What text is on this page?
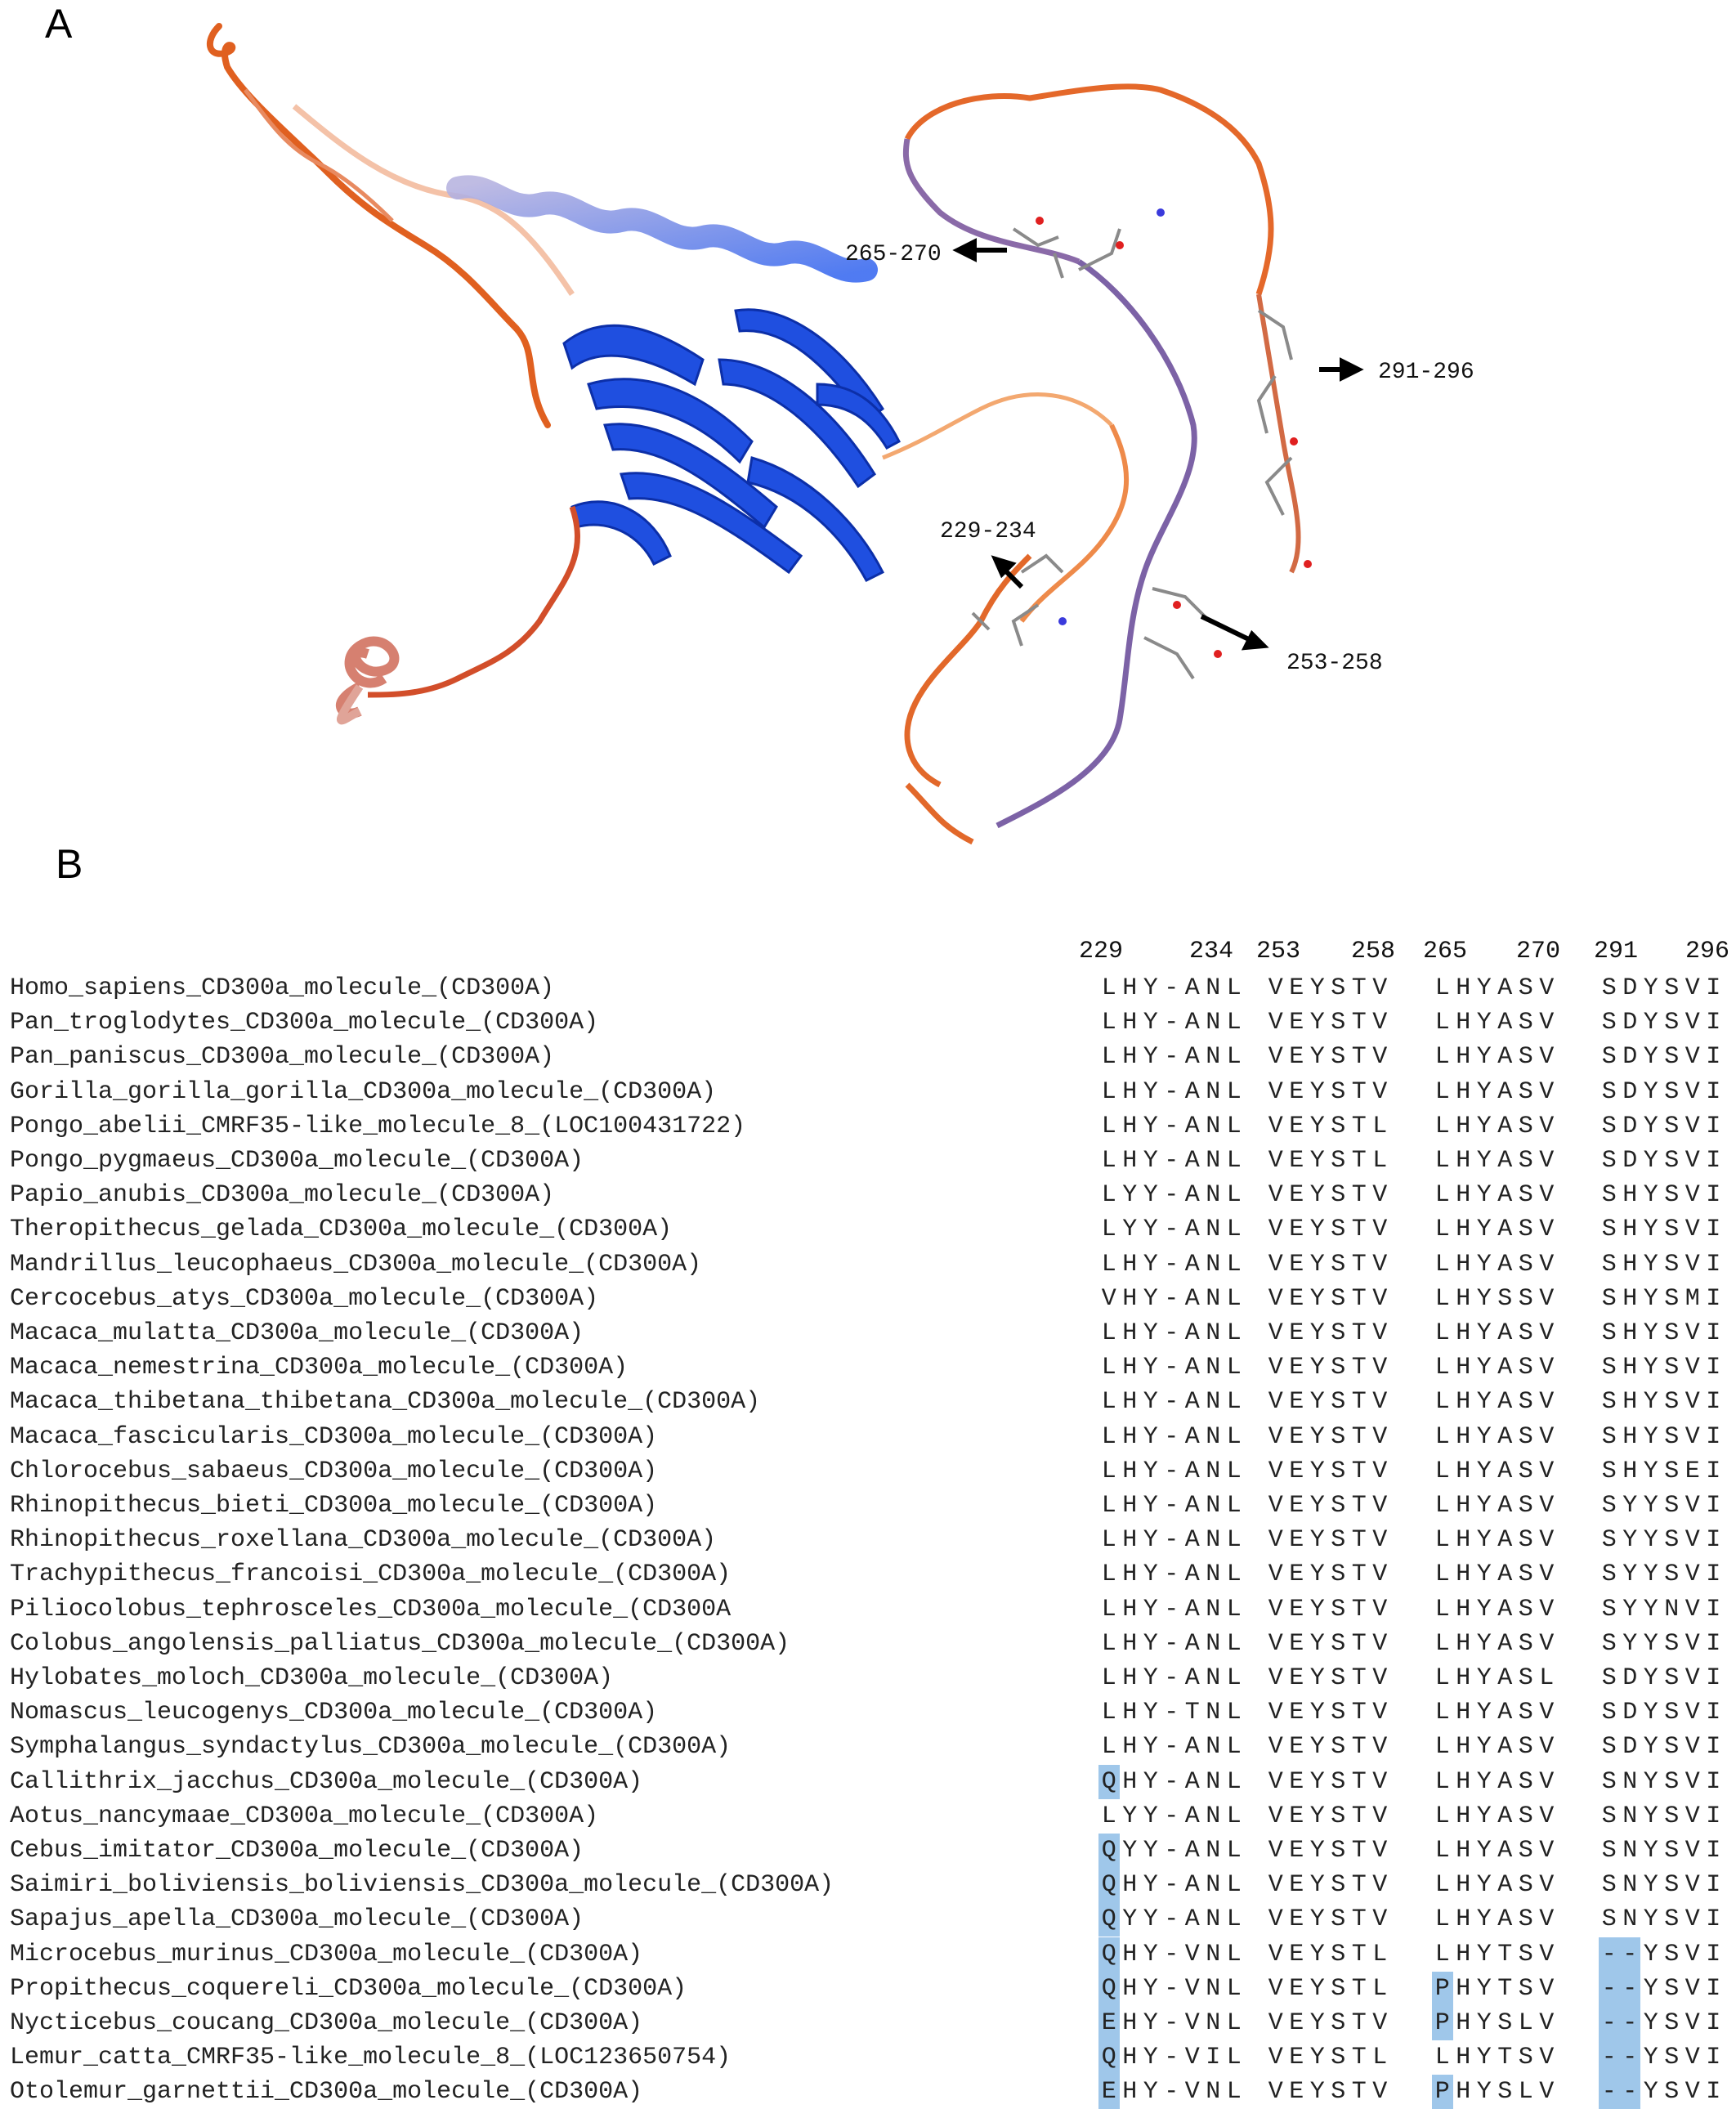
A
B
265-270
291-296
229-234
253-258
229	234 253 258 265 270 291 296
Homo_sapiens_CD300a_molecule_(CD300A)	L H Y - A N L V E Y S T V L H Y A S V S D Y S V I
Pan_troglodytes_CD300a_molecule_(CD300A)	L H Y - A N L V E Y S T V L H Y A S V S D Y S V I
Pan_paniscus_CD300a_molecule_(CD300A)	L H Y - A N L V E Y S T V L H Y A S V S D Y S V I
Gorilla_gorilla_gorilla_CD300a_molecule_(CD300A)	L H Y - A N L V E Y S T V L H Y A S V S D Y S V I
Pongo_abelii_CMRF35-like_molecule_8_(LOC100431722)	L H Y - A N L V E Y S T L L H Y A S V S D Y S V I
Pongo_pygmaeus_CD300a_molecule_(CD300A)	L H Y - A N L V E Y S T L L H Y A S V S D Y S V I
Papio_anubis_CD300a_molecule_(CD300A)	L Y Y - A N L V E Y S T V L H Y A S V S H Y S V I
Theropithecus_gelada_CD300a_molecule_(CD300A)	L Y Y - A N L V E Y S T V L H Y A S V S H Y S V I
Mandrillus_leucophaeus_CD300a_molecule_(CD300A)	L H Y - A N L V E Y S T V L H Y A S V S H Y S V I
Cercocebus_atys_CD300a_molecule_(CD300A)	V H Y - A N L V E Y S T V L H Y S S V S H Y S M I
Macaca_mulatta_CD300a_molecule_(CD300A)	L H Y - A N L V E Y S T V L H Y A S V S H Y S V I
Macaca_nemestrina_CD300a_molecule_(CD300A)	L H Y - A N L V E Y S T V L H Y A S V S H Y S V I
Macaca_thibetana_thibetana_CD300a_molecule_(CD300A)	L H Y - A N L V E Y S T V L H Y A S V S H Y S V I
Macaca_fascicularis_CD300a_molecule_(CD300A)	L H Y - A N L V E Y S T V L H Y A S V S H Y S V I
Chlorocebus_sabaeus_CD300a_molecule_(CD300A)	L H Y - A N L V E Y S T V L H Y A S V S H Y S E I
Rhinopithecus_bieti_CD300a_molecule_(CD300A)	L H Y - A N L V E Y S T V L H Y A S V S Y Y S V I
Rhinopithecus_roxellana_CD300a_molecule_(CD300A)	L H Y - A N L V E Y S T V L H Y A S V S Y Y S V I
Trachypithecus_francoisi_CD300a_molecule_(CD300A)	L H Y - A N L V E Y S T V L H Y A S V S Y Y S V I
Piliocolobus_tephrosceles_CD300a_molecule_(CD300A	L H Y - A N L V E Y S T V L H Y A S V S Y Y N V I
Colobus_angolensis_palliatus_CD300a_molecule_(CD300A)	L H Y - A N L V E Y S T V L H Y A S V S Y Y S V I
Hylobates_moloch_CD300a_molecule_(CD300A)	L H Y - A N L V E Y S T V L H Y A S L S D Y S V I
Nomascus_leucogenys_CD300a_molecule_(CD300A)	L H Y - T N L V E Y S T V L H Y A S V S D Y S V I
Symphalangus_syndactylus_CD300a_molecule_(CD300A)	L H Y - A N L V E Y S T V L H Y A S V S D Y S V I
Callithrix_jacchus_CD300a_molecule_(CD300A)	Q H Y - A N L V E Y S T V L H Y A S V S N Y S V I
Aotus_nancymaae_CD300a_molecule_(CD300A)	L Y Y - A N L V E Y S T V L H Y A S V S N Y S V I
Cebus_imitator_CD300a_molecule_(CD300A)	Q Y Y - A N L V E Y S T V L H Y A S V S N Y S V I
Saimiri_boliviensis_boliviensis_CD300a_molecule_(CD300A)	Q H Y - A N L V E Y S T V L H Y A S V S N Y S V I
Sapajus_apella_CD300a_molecule_(CD300A)	Q Y Y - A N L V E Y S T V L H Y A S V S N Y S V I
Microcebus_murinus_CD300a_molecule_(CD300A)	Q H Y - V N L V E Y S T L L H Y T S V - - Y S V I
Propithecus_coquereli_CD300a_molecule_(CD300A)	Q H Y - V N L V E Y S T L P H Y T S V - - Y S V I
Nycticebus_coucang_CD300a_molecule_(CD300A)	E H Y - V N L V E Y S T V P H Y S L V - - Y S V I
Lemur_catta_CMRF35-like_molecule_8_(LOC123650754)	Q H Y - V I L V E Y S T L L H Y T S V - - Y S V I
Otolemur_garnettii_CD300a_molecule_(CD300A)	E H Y - V N L V E Y S T V P H Y S L V - - Y S V I
